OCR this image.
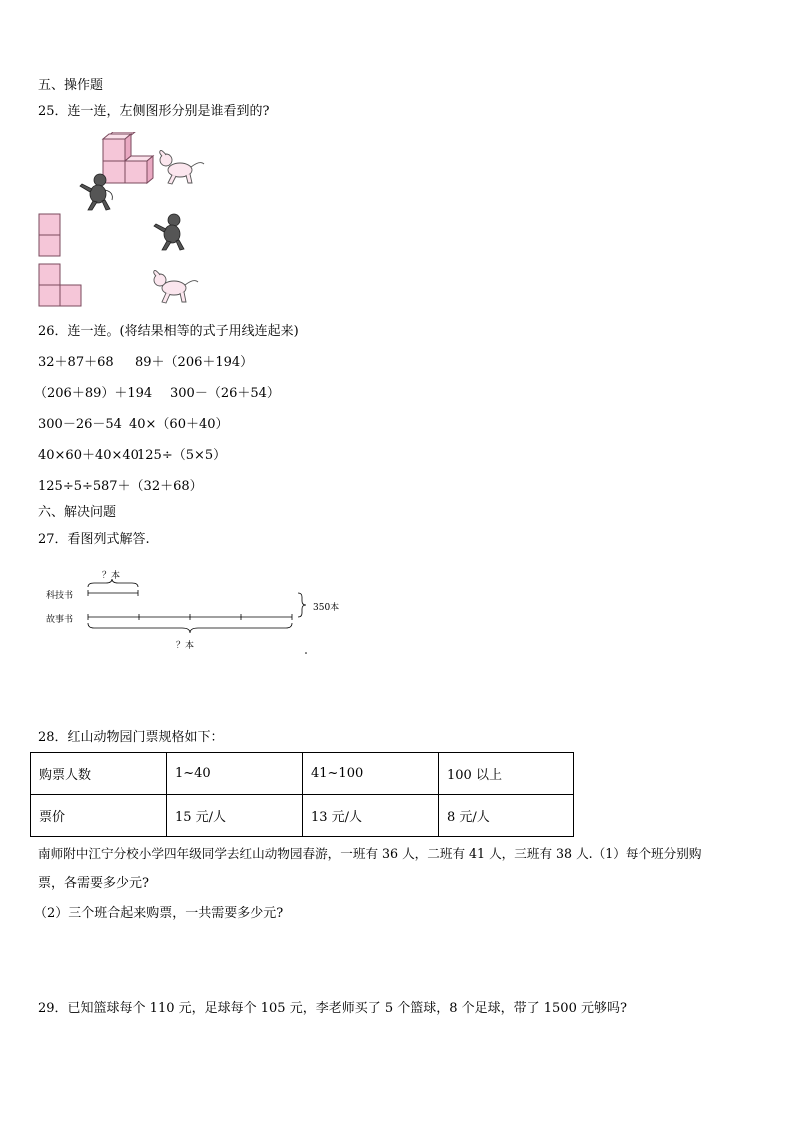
五、操作题
25．连一连，左侧图形分别是谁看到的?
26．连一连。(将结果相等的式子用线连起来)
32＋87＋68 89＋（206＋194）
（206＋89）＋194 300－（26＋54）
300－26－54 40×（60＋40）
40×60＋40×40
125÷（5×5）
125÷5÷5 87＋（32＋68）
六、解决问题
27．看图列式解答.
？本
科技书
故事书
350本
？本
28．红山动物园门票规格如下：
购票人数	1~40	41~100	100 以上
票价	15 元/人	13 元/人	8 元/人
南师附中江宁分校小学四年级同学去红山动物园春游，一班有 36 人，二班有 41 人，三班有 38 人.（1）每个班分别购
票，各需要多少元?
（2）三个班合起来购票，一共需要多少元?
29．已知篮球每个 110 元，足球每个 105 元，李老师买了 5 个篮球，8 个足球，带了 1500 元够吗?
